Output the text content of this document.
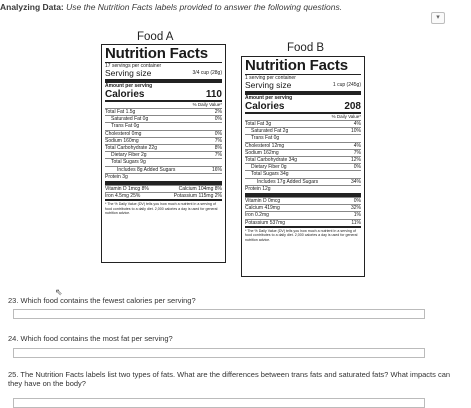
Analyzing Data: Use the Nutrition Facts labels provided to answer the following questions.
▾
Food A
Food B
Nutrition Facts
17 servings per container
Serving size	3/4 cup (28g)
Amount per serving
Calories	110
% Daily Value*
Total Fat 1.5g	2%
Saturated Fat 0g	0%
Trans Fat 0g
Cholesterol 0mg	0%
Sodium 160mg	7%
Total Carbohydrate 22g	8%
Dietary Fiber 2g	7%
Total Sugars 9g
Includes 8g Added Sugars	16%
Protein 3g
Vitamin D 1mcg 8%	Calcium 104mg 8%
Iron 4.5mg 25%	Potassium 115mg 2%
* The % Daily Value (DV) tells you how much a nutrient in a serving of food contributes to a daily diet. 2,000 calories a day is used for general nutrition advice.
Nutrition Facts
1 serving per container
Serving size	1 cup (245g)
Amount per serving
Calories	208
% Daily Value*
Total Fat 3g	4%
Saturated Fat 2g	10%
Trans Fat 0g
Cholesterol 12mg	4%
Sodium 162mg	7%
Total Carbohydrate 34g	12%
Dietary Fiber 0g	0%
Total Sugars 34g
Includes 17g Added Sugars	34%
Protein 12g
Vitamin D 0mcg	0%
Calcium 419mg	32%
Iron 0.2mg	1%
Potassium 537mg	11%
* The % Daily Value (DV) tells you how much a nutrient in a serving of food contributes to a daily diet. 2,000 calories a day is used for general nutrition advice.
23. Which food contains the fewest calories per serving?
⇖
24. Which food contains the most fat per serving?
25. The Nutrition Facts labels list two types of fats. What are the differences between trans fats and saturated fats? What impacts can they have on the body?
